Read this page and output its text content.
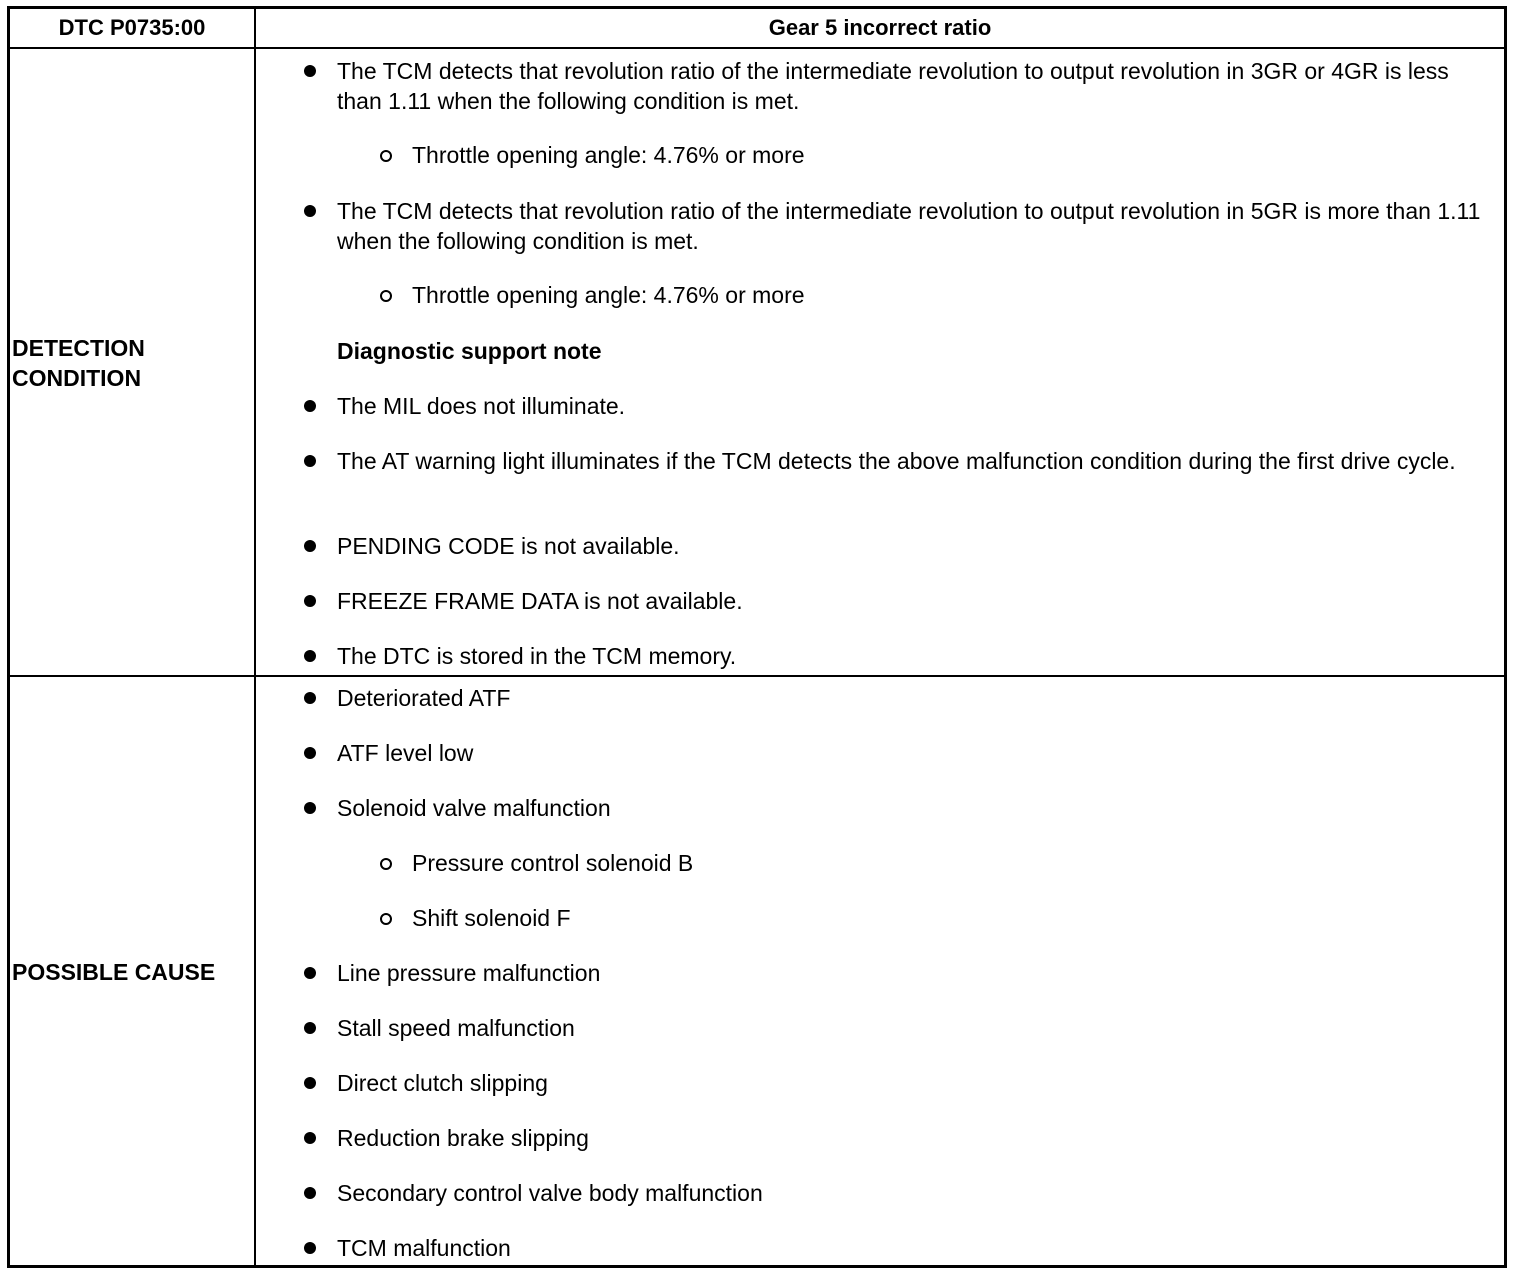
DTC P0735:00	Gear 5 incorrect ratio
DETECTION CONDITION
The TCM detects that revolution ratio of the intermediate revolution to output revolution in 3GR or 4GR is less than 1.11 when the following condition is met.
Throttle opening angle: 4.76% or more
The TCM detects that revolution ratio of the intermediate revolution to output revolution in 5GR is more than 1.11 when the following condition is met.
Throttle opening angle: 4.76% or more
Diagnostic support note
The MIL does not illuminate.
The AT warning light illuminates if the TCM detects the above malfunction condition during the first drive cycle.
PENDING CODE is not available.
FREEZE FRAME DATA is not available.
The DTC is stored in the TCM memory.
POSSIBLE CAUSE
Deteriorated ATF
ATF level low
Solenoid valve malfunction
Pressure control solenoid B
Shift solenoid F
Line pressure malfunction
Stall speed malfunction
Direct clutch slipping
Reduction brake slipping
Secondary control valve body malfunction
TCM malfunction
